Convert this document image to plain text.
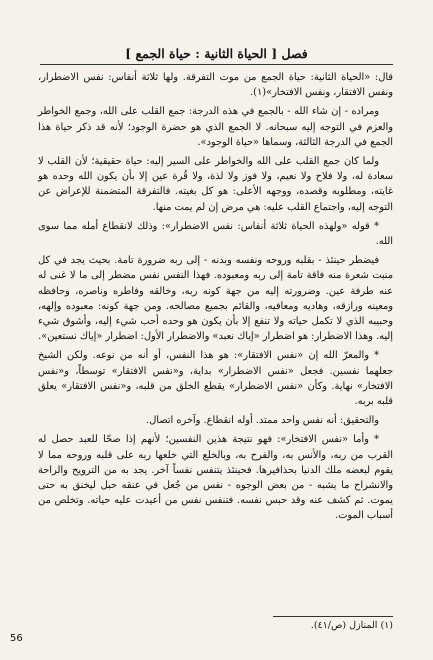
فصل [ الحياة الثانية : حياة الجمع ]

قال: «الحياة الثانية: حياة الجمع من موت التفرقة. ولها ثلاثة أنفاس: نفس الاضطرار، ونفس الافتقار، ونفس الافتخار»(١).

ومراده - إن شاء الله - بالجمع في هذه الدرجة: جمع القلب على الله، وجمع الخواطر والعزم في التوجه إليه سبحانه. لا الجمع الذي هو حضرة الوجود؛ لأنه قد ذكر حياة هذا الجمع في الدرجة الثالثة، وسماها «حياة الوجود».

ولما كان جمع القلب على الله والخواطر على السير إليه: حياة حقيقية؛ لأن القلب لا سعادة له، ولا فلاح ولا نعيم، ولا فوز ولا لذة، ولا قُرة عين إلا بأن يكون الله وحده هو غايته، ومطلوبه وقصده، ووجهه الأعلى: هو كل بغيته. فالتفرقة المتضمنة للإعراض عن التوجه إليه، واجتماع القلب عليه: هي مرض إن لم يمت منها.

* قوله «ولهذه الحياة ثلاثة أنفاس: نفس الاضطرار»: وذلك لانقطاع أمله مما سوى الله.

فيضطر حينئذ - بقلبه وروحه ونفسه وبدنه - إلى ربه ضرورة تامة. بحيث يجد في كل منبت شعرة منه فاقة تامة إلى ربه ومعبوده. فهذا النفس نفس مضطر إلى ما لا غنى له عنه طرفة عين. وضرورته إليه من جهة كونه ربه، وخالقه وفاطره وناصره، وحافظه ومعينه ورازقه، وهاديه ومعافيه، والقائم بجميع مصالحه. ومن جهة كونه: معبوده وإلهه، وحبيبه الذي لا تكمل حياته ولا تنفع إلا بأن يكون هو وحده أحب شيء إليه، وأشوق شيء إليه. وهذا الاضطرار: هو اضطرار «إياك نعبد» والاضطرار الأول: اضطرار «إياك نستعين».

* والمعرّ الله إن «نفس الافتقار»: هو هذا النفس، أو أنه من نوعه. ولكن الشيخ جعلهما نفسين. فجعل «نفس الاضطرار» بداية، و«نفس الافتقار» توسطاً، و«نفس الافتخار» نهاية. وكأن «نفس الاضطرار» يقطع الخلق من قلبه، و«نفس الافتقار» يعلق قلبه بربه.

والتحقيق: أنه نفس واحد ممتد. أوله انقطاع. وآخره اتصال.

* وأما «نفس الافتخار»: فهو نتيجة هذين النفسين؛ لأنهم إذا صحّا للعبد حصل له القرب من ربه، والأنس به، والفرح به، وبالخلع التي خلعها ربه على قلبه وروحه مما لا يقوم لبعضه ملك الدنيا بحذافيرها. فحينئذ يتنفس نفساً آخر. يجد به من الترويح والراحة والانشراح ما يشبه - من بعض الوجوه - نفس من جُعل في عنقه حبل ليخنق به حتى يموت. ثم كشف عنه وقد حبس نفسه. فتنفس نفس من أعيدت عليه حياته. وتخلص من أسباب الموت.

(١) المنازل (ص/٤١).
56
